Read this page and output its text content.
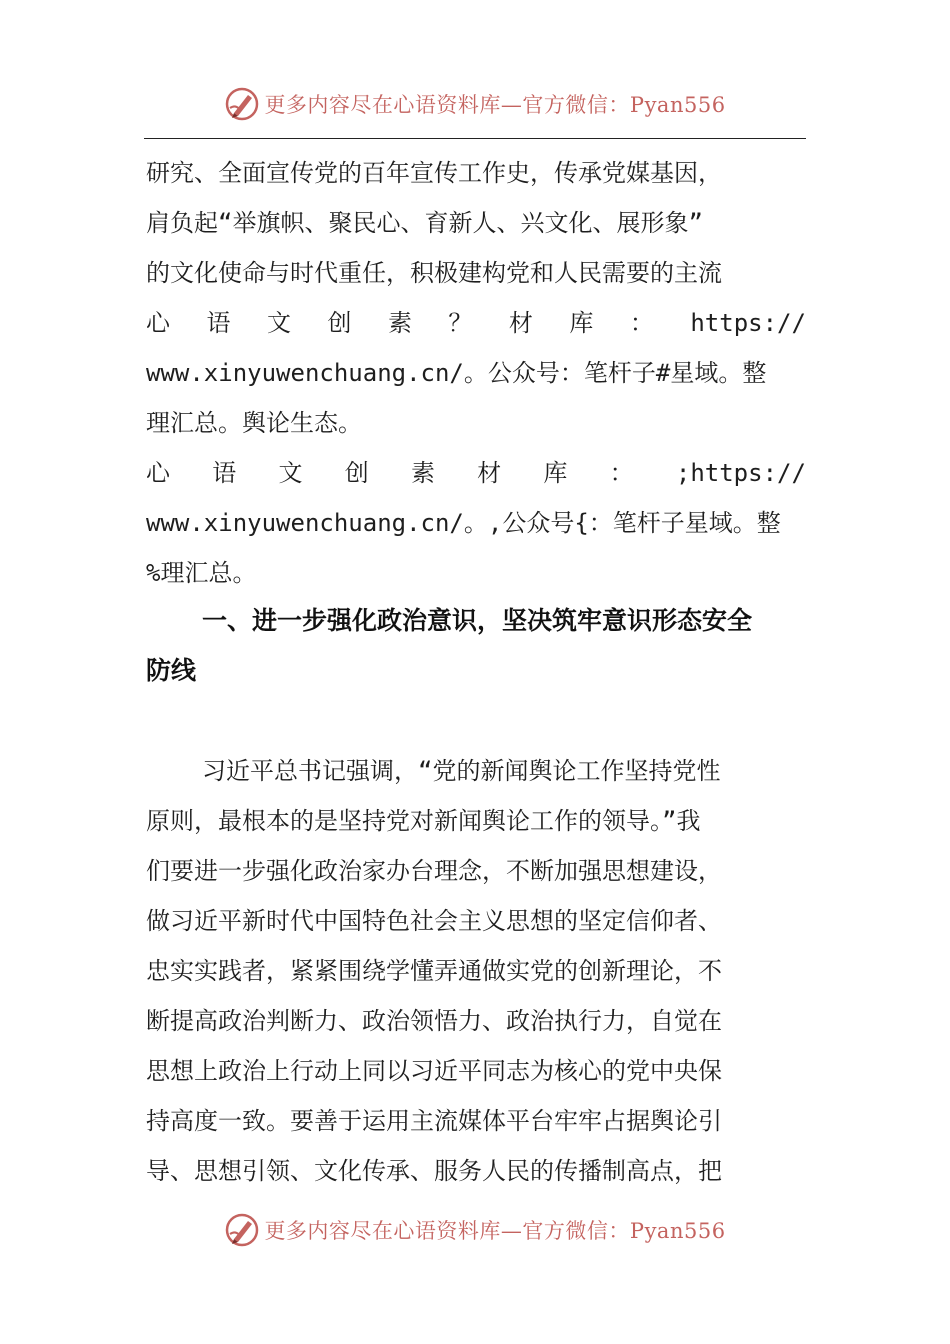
更多内容尽在心语资料库—官方微信：Pyan556
研究、全面宣传党的百年宣传工作史，传承党媒基因，
肩负起“举旗帜、聚民心、育新人、兴文化、展形象”
的文化使命与时代重任，积极建构党和人民需要的主流
心 语 文 创 素 ？ 材 库 ： https://
www.xinyuwenchuang.cn/。公众号：笔杆子#星域。整
理汇总。舆论生态。
心 语 文 创 素 材 库 ： ;https://
www.xinyuwenchuang.cn/。,公众号{：笔杆子星域。整
%理汇总。
一、进一步强化政治意识，坚决筑牢意识形态安全
防线
习近平总书记强调，“党的新闻舆论工作坚持党性
原则，最根本的是坚持党对新闻舆论工作的领导。”我
们要进一步强化政治家办台理念，不断加强思想建设，
做习近平新时代中国特色社会主义思想的坚定信仰者、
忠实实践者，紧紧围绕学懂弄通做实党的创新理论，不
断提高政治判断力、政治领悟力、政治执行力，自觉在
思想上政治上行动上同以习近平同志为核心的党中央保
持高度一致。要善于运用主流媒体平台牢牢占据舆论引
导、思想引领、文化传承、服务人民的传播制高点，把
更多内容尽在心语资料库—官方微信：Pyan556
